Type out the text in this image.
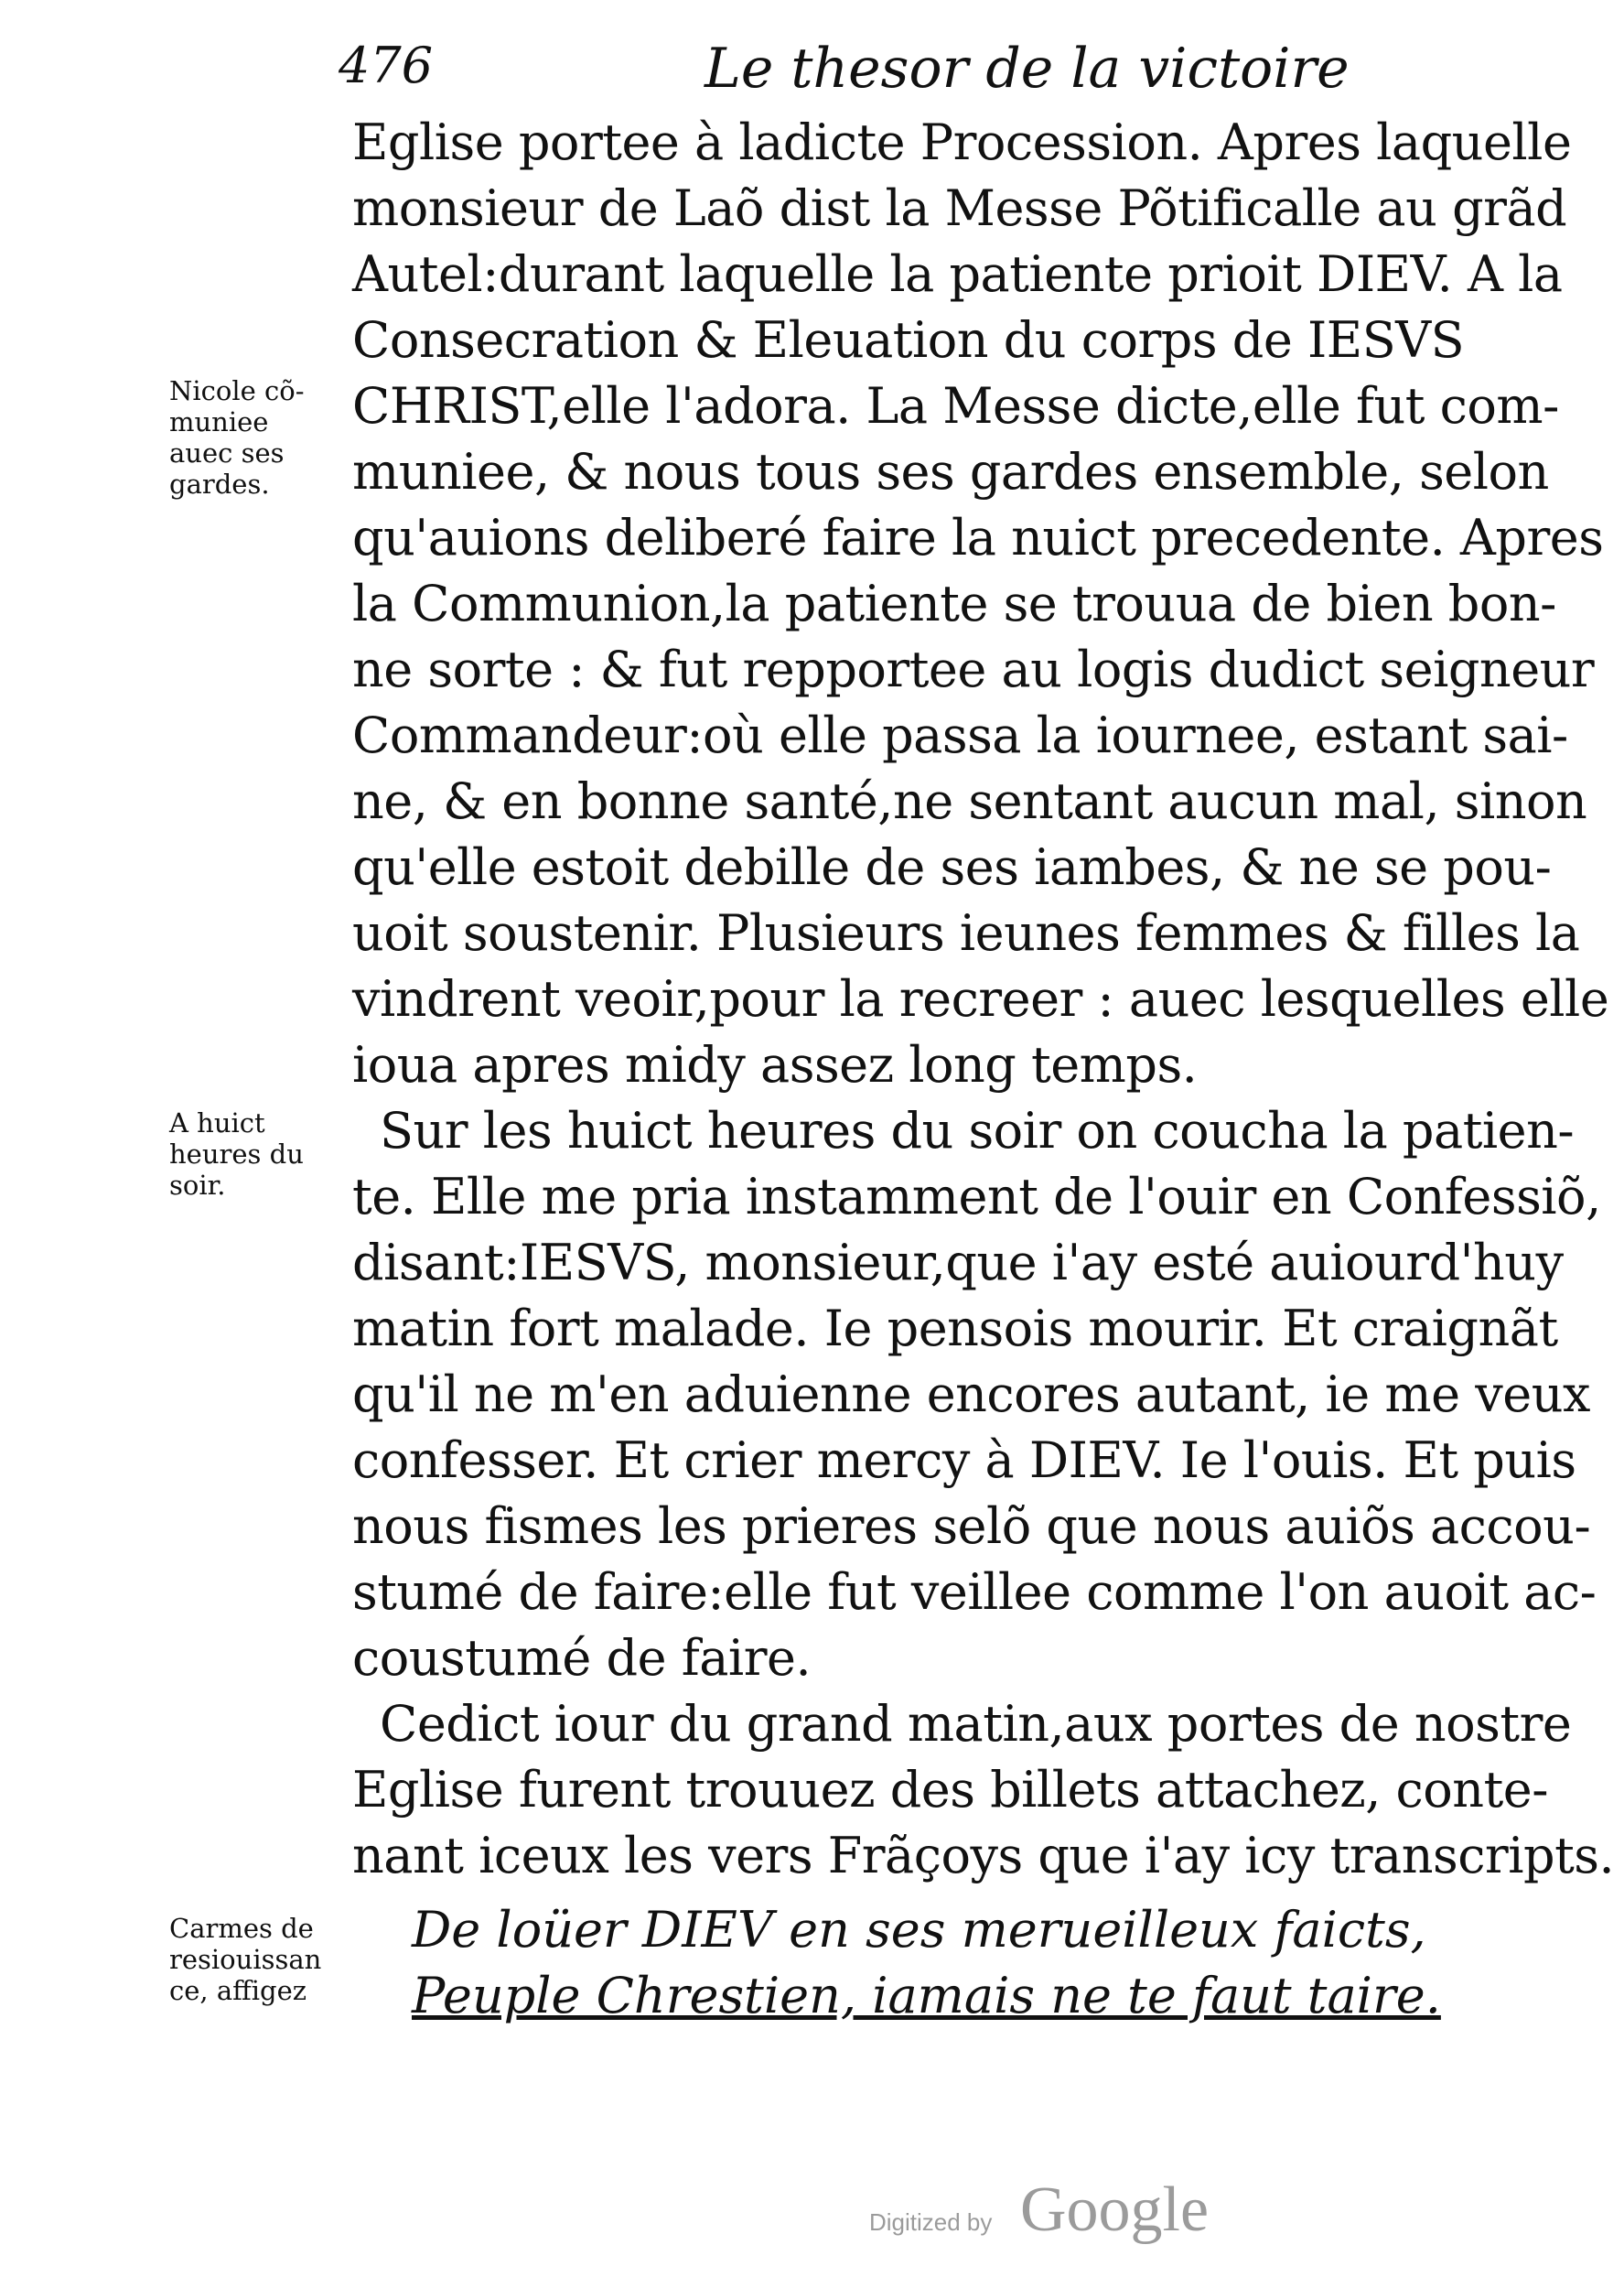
476	Le thesor de la victoire
Eglise portee à ladicte Procession. Apres laquelle
monsieur de Laõ dist la Messe Põtificalle au grãd
Autel:durant laquelle la patiente prioit DIEV. A la
Consecration & Eleuation du corps de IESVS
CHRIST,elle l'adora. La Messe dicte,elle fut com-
muniee, & nous tous ses gardes ensemble, selon
qu'auions deliberé faire la nuict precedente. Apres
la Communion,la patiente se trouua de bien bon-
ne sorte : & fut repportee au logis dudict seigneur
Commandeur:où elle passa la iournee, estant sai-
ne, & en bonne santé,ne sentant aucun mal, sinon
qu'elle estoit debille de ses iambes, & ne se pou-
uoit soustenir. Plusieurs ieunes femmes & filles la
vindrent veoir,pour la recreer : auec lesquelles elle
ioua apres midy assez long temps.
Sur les huict heures du soir on coucha la patien-
te. Elle me pria instamment de l'ouir en Confessiõ,
disant:IESVS, monsieur,que i'ay esté auiourd'huy
matin fort malade. Ie pensois mourir. Et craignãt
qu'il ne m'en aduienne encores autant, ie me veux
confesser. Et crier mercy à DIEV. Ie l'ouis. Et puis
nous fismes les prieres selõ que nous auiõs accou-
stumé de faire:elle fut veillee comme l'on auoit ac-
coustumé de faire.
Cedict iour du grand matin,aux portes de nostre
Eglise furent trouuez des billets attachez, conte-
nant iceux les vers Frãçoys que i'ay icy transcripts.
De loüer DIEV en ses merueilleux faicts,
Peuple Chrestien, iamais ne te faut taire.
Nicole cõ-
muniee
auec ses
gardes.
A huict
heures du
soir.
Carmes de
resiouissan
ce, affigez
Digitized by Google
